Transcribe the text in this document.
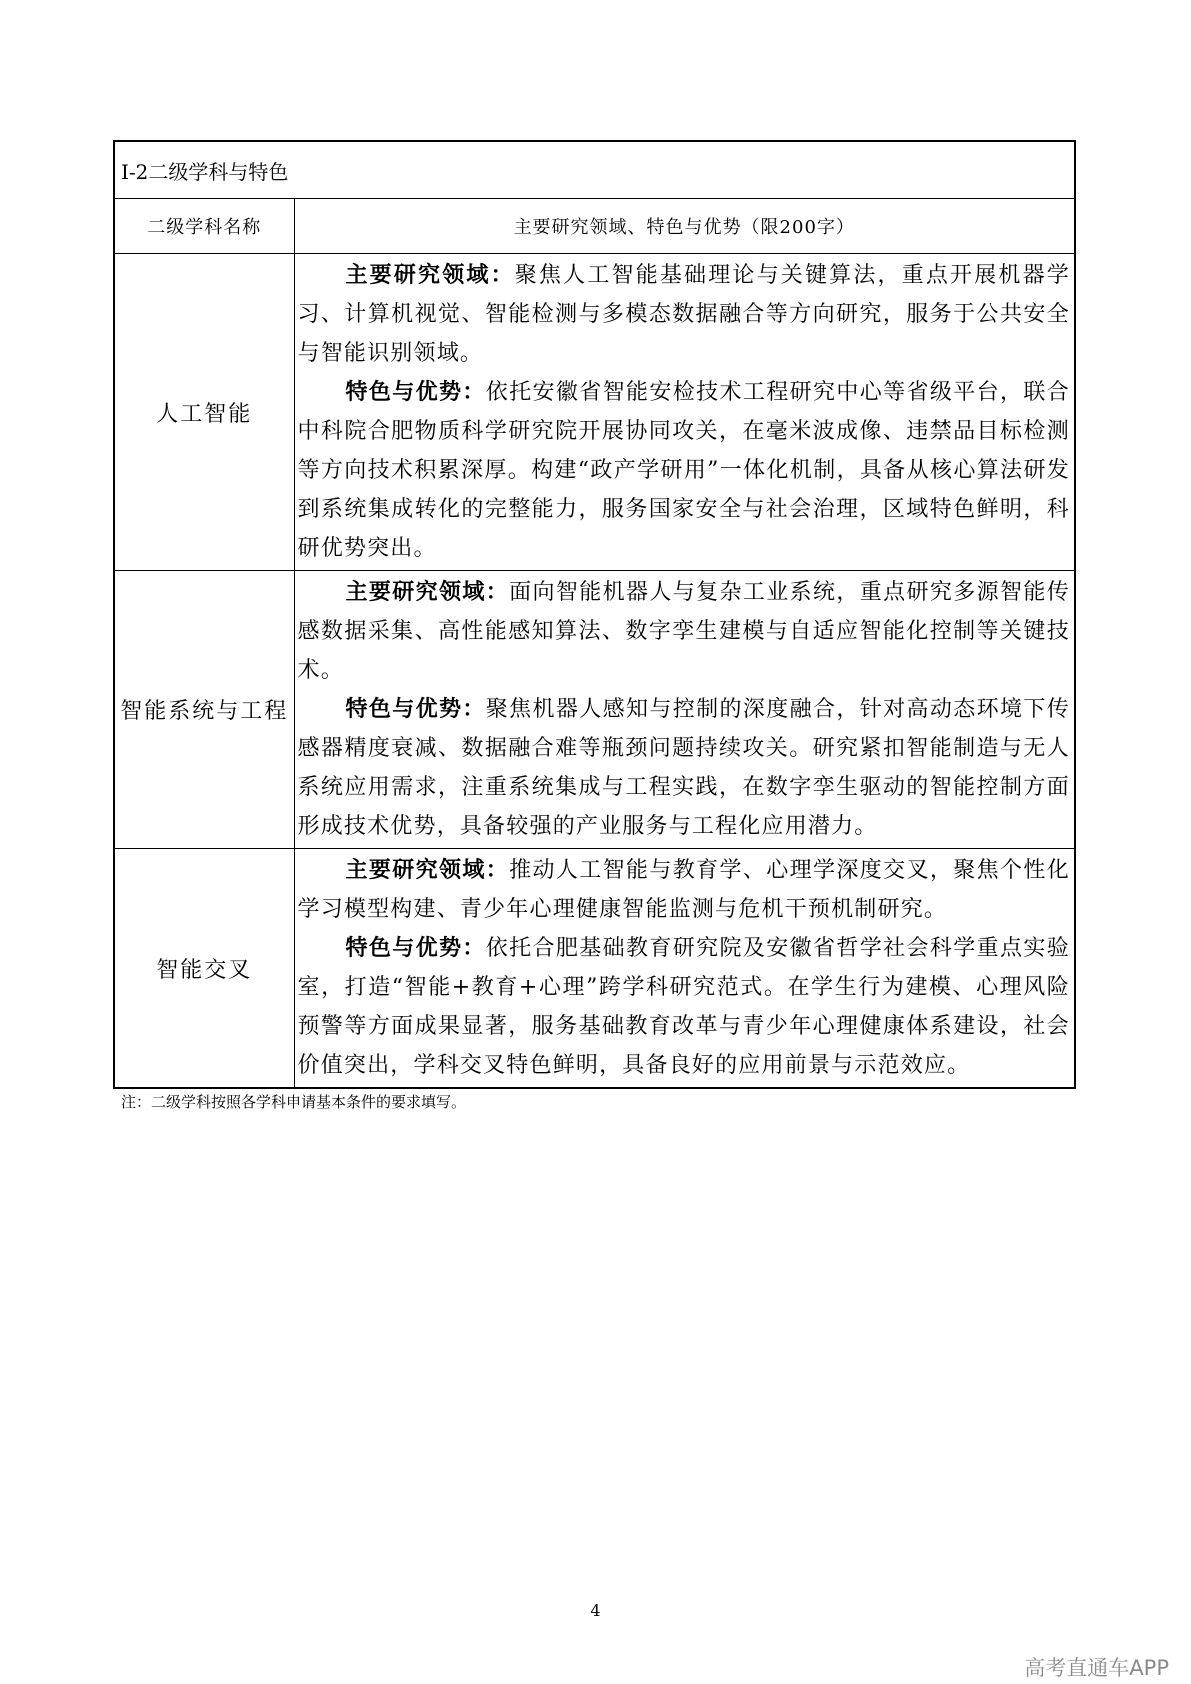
I-2二级学科与特色	
二级学科名称	主要研究领域、特色与优势（限200字）
人工智能	主要研究领域：聚焦人工智能基础理论与关键算法，重点开展机器学习、计算机视觉、智能检测与多模态数据融合等方向研究，服务于公共安全与智能识别领域。

特色与优势：依托安徽省智能安检技术工程研究中心等省级平台，联合中科院合肥物质科学研究院开展协同攻关，在毫米波成像、违禁品目标检测等方向技术积累深厚。构建“政产学研用”一体化机制，具备从核心算法研发到系统集成转化的完整能力，服务国家安全与社会治理，区域特色鲜明，科研优势突出。

智能系统与工程	主要研究领域：面向智能机器人与复杂工业系统，重点研究多源智能传感数据采集、高性能感知算法、数字孪生建模与自适应智能化控制等关键技术。

特色与优势：聚焦机器人感知与控制的深度融合，针对高动态环境下传感器精度衰减、数据融合难等瓶颈问题持续攻关。研究紧扣智能制造与无人系统应用需求，注重系统集成与工程实践，在数字孪生驱动的智能控制方面形成技术优势，具备较强的产业服务与工程化应用潜力。

智能交叉	主要研究领域：推动人工智能与教育学、心理学深度交叉，聚焦个性化学习模型构建、青少年心理健康智能监测与危机干预机制研究。

特色与优势：依托合肥基础教育研究院及安徽省哲学社会科学重点实验室，打造“智能+教育+心理”跨学科研究范式。在学生行为建模、心理风险预警等方面成果显著，服务基础教育改革与青少年心理健康体系建设，社会价值突出，学科交叉特色鲜明，具备良好的应用前景与示范效应。

注：二级学科按照各学科申请基本条件的要求填写。
4
高考直通车APP
